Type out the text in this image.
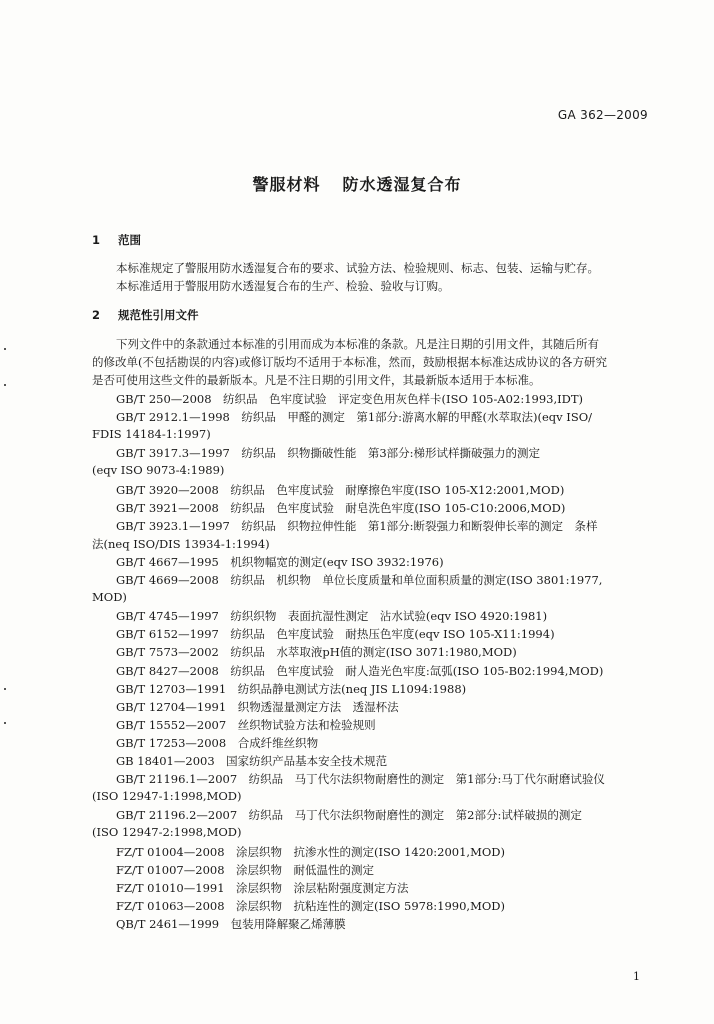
GA 362—2009
警服材料 防水透湿复合布
1 范围
本标准规定了警服用防水透湿复合布的要求、试验方法、检验规则、标志、包装、运输与贮存。
本标准适用于警服用防水透湿复合布的生产、检验、验收与订购。
2 规范性引用文件
下列文件中的条款通过本标准的引用而成为本标准的条款。凡是注日期的引用文件，其随后所有
的修改单(不包括勘误的内容)或修订版均不适用于本标准，然而，鼓励根据本标准达成协议的各方研究
是否可使用这些文件的最新版本。凡是不注日期的引用文件，其最新版本适用于本标准。
GB/T 250—2008　纺织品　色牢度试验　评定变色用灰色样卡(ISO 105-A02:1993,IDT)
GB/T 2912.1—1998　纺织品　甲醛的测定　第1部分:游离水解的甲醛(水萃取法)(eqv ISO/
FDIS 14184-1:1997)
GB/T 3917.3—1997　纺织品　织物撕破性能　第3部分:梯形试样撕破强力的测定
(eqv ISO 9073-4:1989)
GB/T 3920—2008　纺织品　色牢度试验　耐摩擦色牢度(ISO 105-X12:2001,MOD)
GB/T 3921—2008　纺织品　色牢度试验　耐皂洗色牢度(ISO 105-C10:2006,MOD)
GB/T 3923.1—1997　纺织品　织物拉伸性能　第1部分:断裂强力和断裂伸长率的测定　条样
法(neq ISO/DIS 13934-1:1994)
GB/T 4667—1995　机织物幅宽的测定(eqv ISO 3932:1976)
GB/T 4669—2008　纺织品　机织物　单位长度质量和单位面积质量的测定(ISO 3801:1977,
MOD)
GB/T 4745—1997　纺织织物　表面抗湿性测定　沾水试验(eqv ISO 4920:1981)
GB/T 6152—1997　纺织品　色牢度试验　耐热压色牢度(eqv ISO 105-X11:1994)
GB/T 7573—2002　纺织品　水萃取液pH值的测定(ISO 3071:1980,MOD)
GB/T 8427—2008　纺织品　色牢度试验　耐人造光色牢度:氙弧(ISO 105-B02:1994,MOD)
GB/T 12703—1991　纺织品静电测试方法(neq JIS L1094:1988)
GB/T 12704—1991　织物透湿量测定方法　透湿杯法
GB/T 15552—2007　丝织物试验方法和检验规则
GB/T 17253—2008　合成纤维丝织物
GB 18401—2003　国家纺织产品基本安全技术规范
GB/T 21196.1—2007　纺织品　马丁代尔法织物耐磨性的测定　第1部分:马丁代尔耐磨试验仪
(ISO 12947-1:1998,MOD)
GB/T 21196.2—2007　纺织品　马丁代尔法织物耐磨性的测定　第2部分:试样破损的测定
(ISO 12947-2:1998,MOD)
FZ/T 01004—2008　涂层织物　抗渗水性的测定(ISO 1420:2001,MOD)
FZ/T 01007—2008　涂层织物　耐低温性的测定
FZ/T 01010—1991　涂层织物　涂层粘附强度测定方法
FZ/T 01063—2008　涂层织物　抗粘连性的测定(ISO 5978:1990,MOD)
QB/T 2461—1999　包装用降解聚乙烯薄膜
1
